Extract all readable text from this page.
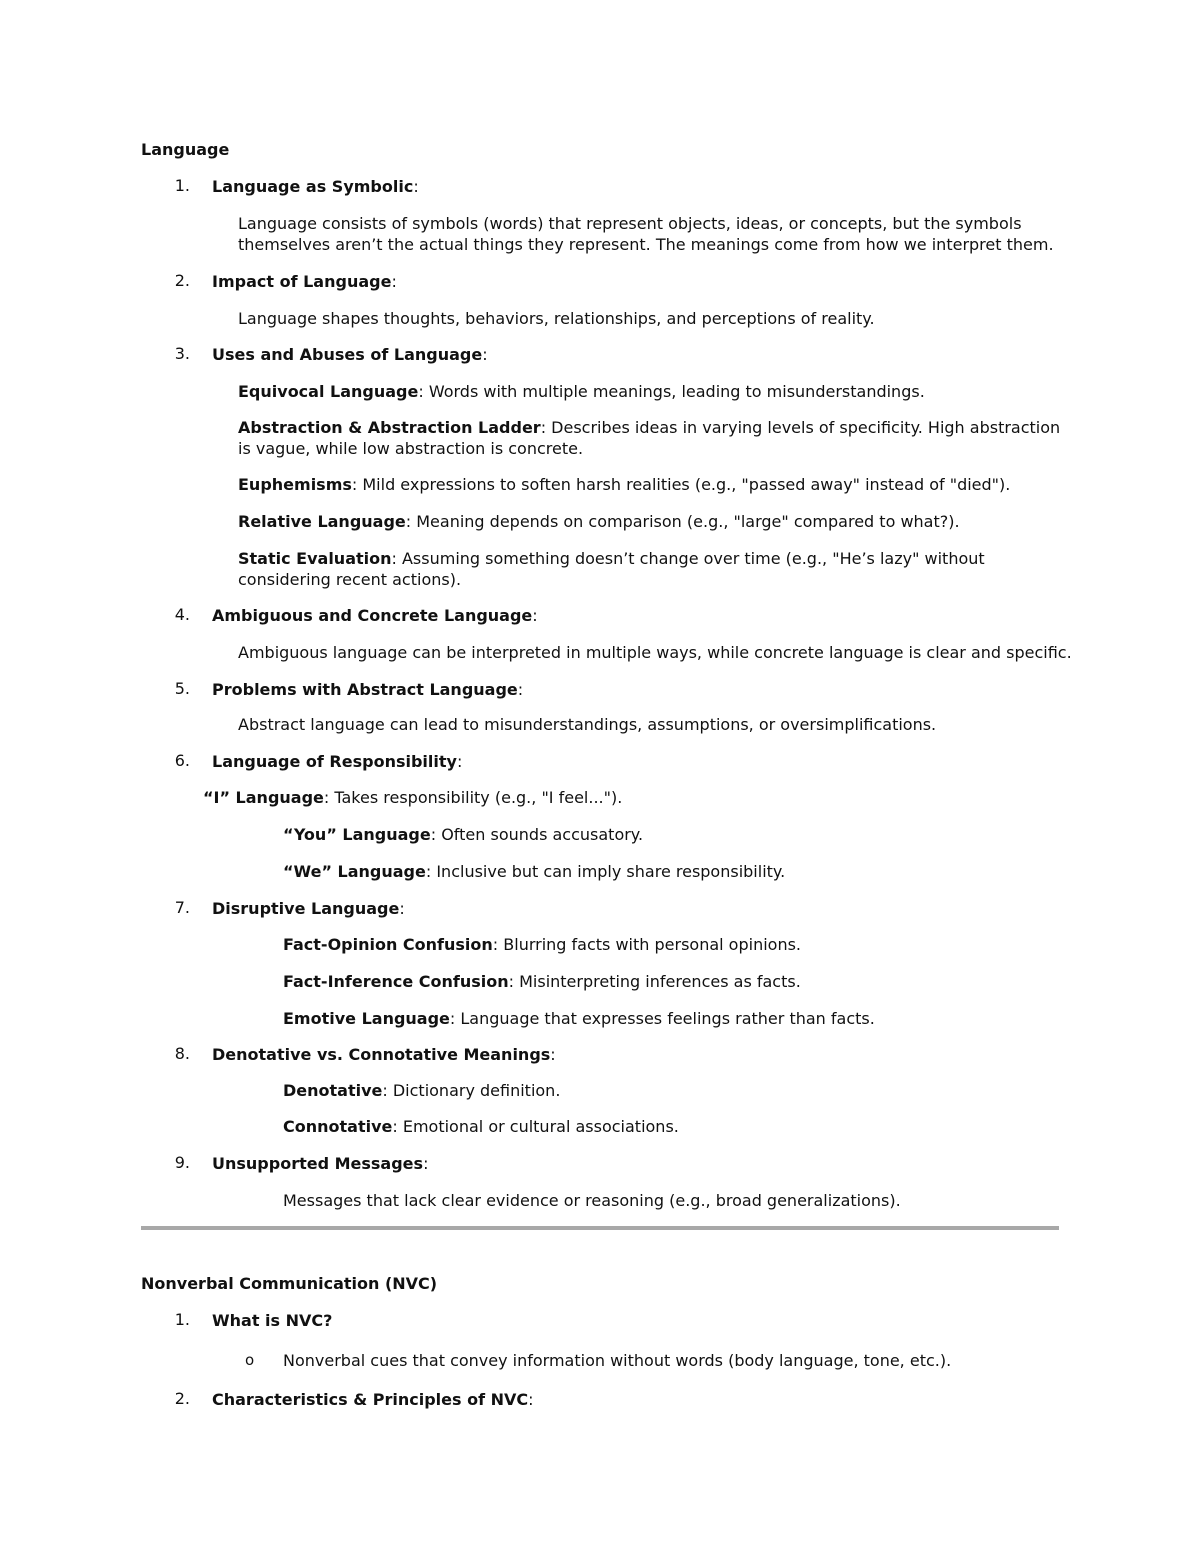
Language
1. Language as Symbolic:
Language consists of symbols (words) that represent objects, ideas, or concepts, but the symbols
themselves aren’t the actual things they represent. The meanings come from how we interpret them.
2. Impact of Language:
Language shapes thoughts, behaviors, relationships, and perceptions of reality.
3. Uses and Abuses of Language:
Equivocal Language: Words with multiple meanings, leading to misunderstandings.
Abstraction & Abstraction Ladder: Describes ideas in varying levels of specificity. High abstraction
is vague, while low abstraction is concrete.
Euphemisms: Mild expressions to soften harsh realities (e.g., "passed away" instead of "died").
Relative Language: Meaning depends on comparison (e.g., "large" compared to what?).
Static Evaluation: Assuming something doesn’t change over time (e.g., "He’s lazy" without
considering recent actions).
4. Ambiguous and Concrete Language:
Ambiguous language can be interpreted in multiple ways, while concrete language is clear and specific.
5. Problems with Abstract Language:
Abstract language can lead to misunderstandings, assumptions, or oversimplifications.
6. Language of Responsibility:
“I” Language: Takes responsibility (e.g., "I feel...").
“You” Language: Often sounds accusatory.
“We” Language: Inclusive but can imply share responsibility.
7. Disruptive Language:
Fact-Opinion Confusion: Blurring facts with personal opinions.
Fact-Inference Confusion: Misinterpreting inferences as facts.
Emotive Language: Language that expresses feelings rather than facts.
8. Denotative vs. Connotative Meanings:
Denotative: Dictionary definition.
Connotative: Emotional or cultural associations.
9. Unsupported Messages:
Messages that lack clear evidence or reasoning (e.g., broad generalizations).
Nonverbal Communication (NVC)
1. What is NVC?
o Nonverbal cues that convey information without words (body language, tone, etc.).
2. Characteristics & Principles of NVC:
